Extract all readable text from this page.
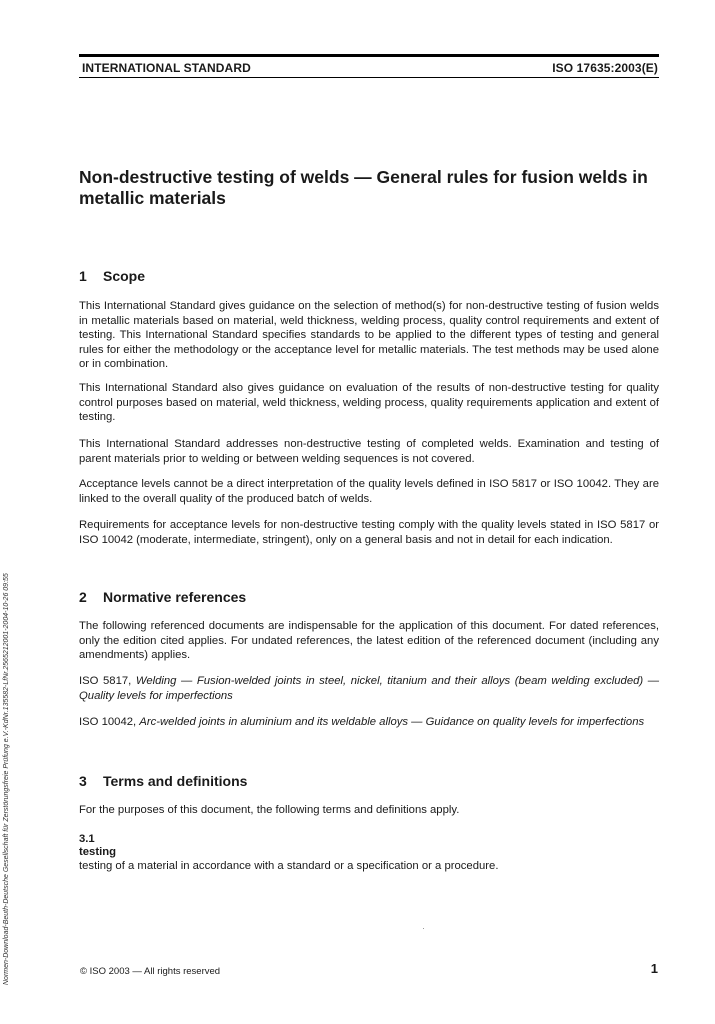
INTERNATIONAL STANDARD	ISO 17635:2003(E)
Non-destructive testing of welds — General rules for fusion welds in metallic materials
1 Scope

This International Standard gives guidance on the selection of method(s) for non-destructive testing of fusion welds in metallic materials based on material, weld thickness, welding process, quality control requirements and extent of testing. This International Standard specifies standards to be applied to the different types of testing and general rules for either the methodology or the acceptance level for metallic materials. The test methods may be used alone or in combination.

This International Standard also gives guidance on evaluation of the results of non-destructive testing for quality control purposes based on material, weld thickness, welding process, quality requirements application and extent of testing.

This International Standard addresses non-destructive testing of completed welds. Examination and testing of parent materials prior to welding or between welding sequences is not covered.

Acceptance levels cannot be a direct interpretation of the quality levels defined in ISO 5817 or ISO 10042. They are linked to the overall quality of the produced batch of welds.

Requirements for acceptance levels for non-destructive testing comply with the quality levels stated in ISO 5817 or ISO 10042 (moderate, intermediate, stringent), only on a general basis and not in detail for each indication.

2 Normative references

The following referenced documents are indispensable for the application of this document. For dated references, only the edition cited applies. For undated references, the latest edition of the referenced document (including any amendments) applies.

ISO 5817, Welding — Fusion-welded joints in steel, nickel, titanium and their alloys (beam welding excluded) — Quality levels for imperfections

ISO 10042, Arc-welded joints in aluminium and its weldable alloys — Guidance on quality levels for imperfections

3 Terms and definitions

For the purposes of this document, the following terms and definitions apply.

3.1
testing
testing of a material in accordance with a standard or a specification or a procedure.
© ISO 2003 — All rights reserved	1
Normen-Download-Beuth-Deutsche Gesellschaft für Zerstörungsfreie Prüfung e.V.-KdNr.135582-LfNr.2565212001-2004-10-26 09:55
